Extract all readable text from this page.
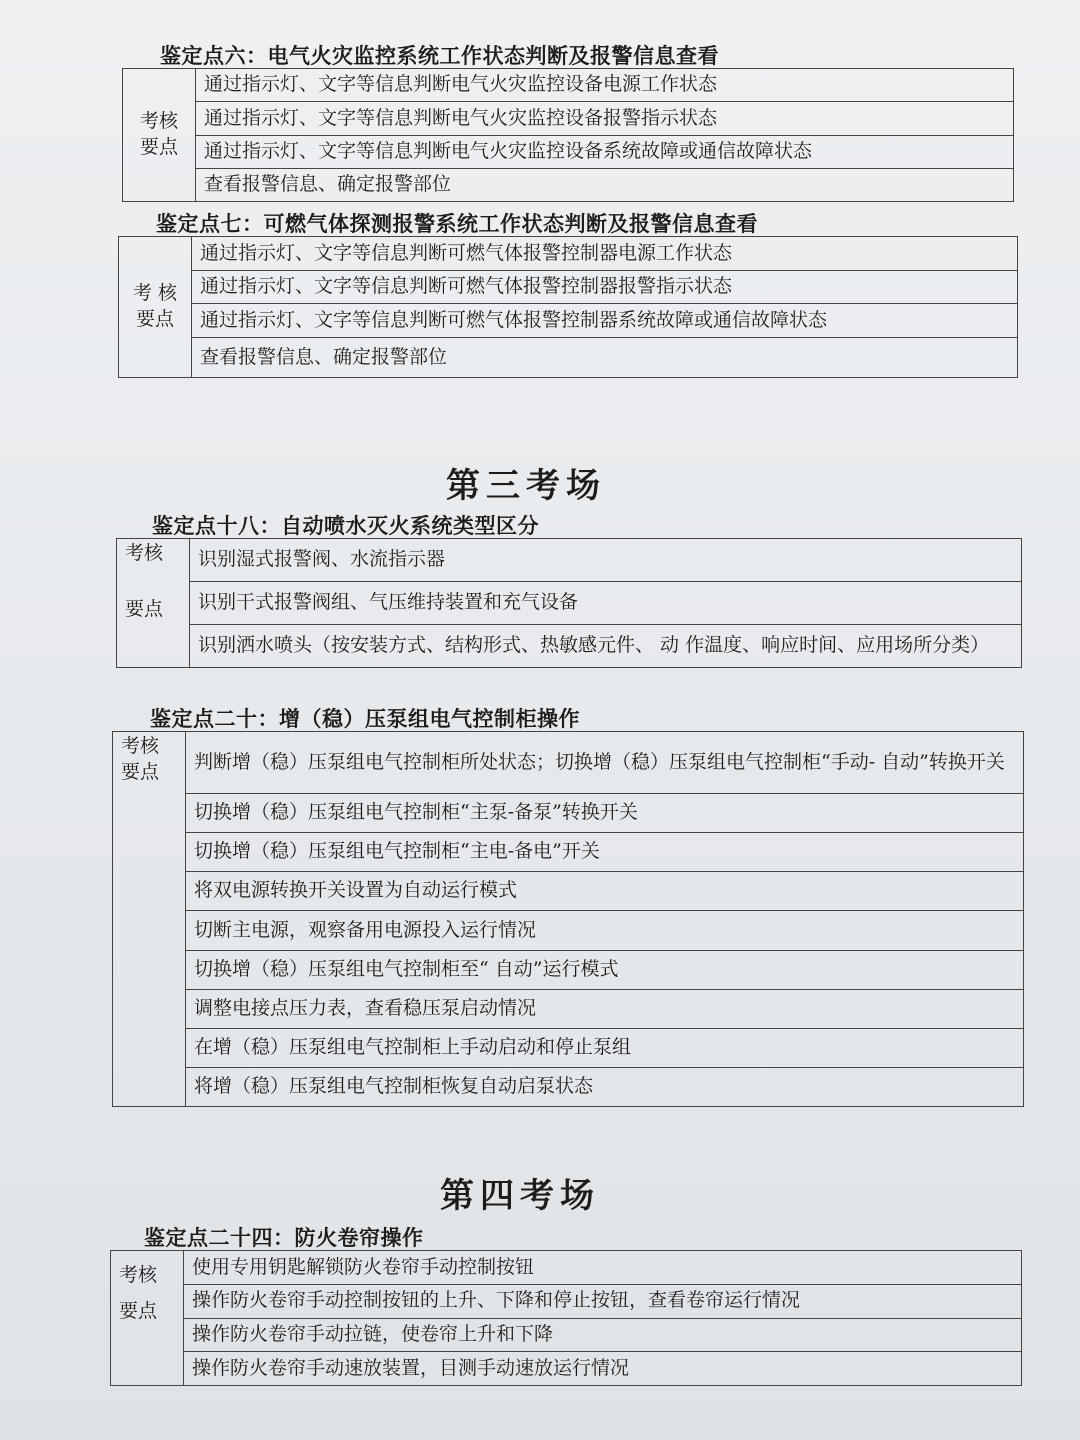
鉴定点六：电气火灾监控系统工作状态判断及报警信息查看
考核
要点
	通过指示灯、文字等信息判断电气火灾监控设备电源工作状态
通过指示灯、文字等信息判断电气火灾监控设备报警指示状态
通过指示灯、文字等信息判断电气火灾监控设备系统故障或通信故障状态
查看报警信息、确定报警部位
鉴定点七：可燃气体探测报警系统工作状态判断及报警信息查看
考 核
要点
	通过指示灯、文字等信息判断可燃气体报警控制器电源工作状态
通过指示灯、文字等信息判断可燃气体报警控制器报警指示状态
通过指示灯、文字等信息判断可燃气体报警控制器系统故障或通信故障状态
查看报警信息、确定报警部位
第三考场
鉴定点十八：自动喷水灭火系统类型区分
考核
要点
	识别湿式报警阀、水流指示器
识别干式报警阀组、气压维持装置和充气设备
识别洒水喷头（按安装方式、结构形式、热敏感元件、 动 作温度、响应时间、应用场所分类）
鉴定点二十：增（稳）压泵组电气控制柜操作
考核
要点	判断增（稳）压泵组电气控制柜所处状态；切换增（稳）压泵组电气控制柜“手动- 自动”转换开关
切换增（稳）压泵组电气控制柜“主泵-备泵”转换开关
切换增（稳）压泵组电气控制柜“主电-备电”开关
将双电源转换开关设置为自动运行模式
切断主电源，观察备用电源投入运行情况
切换增（稳）压泵组电气控制柜至“ 自动”运行模式
调整电接点压力表，查看稳压泵启动情况
在增（稳）压泵组电气控制柜上手动启动和停止泵组
将增（稳）压泵组电气控制柜恢复自动启泵状态
第四考场
鉴定点二十四：防火卷帘操作
考核
要点
	使用专用钥匙解锁防火卷帘手动控制按钮
操作防火卷帘手动控制按钮的上升、下降和停止按钮，查看卷帘运行情况
操作防火卷帘手动拉链，使卷帘上升和下降
操作防火卷帘手动速放装置，目测手动速放运行情况
